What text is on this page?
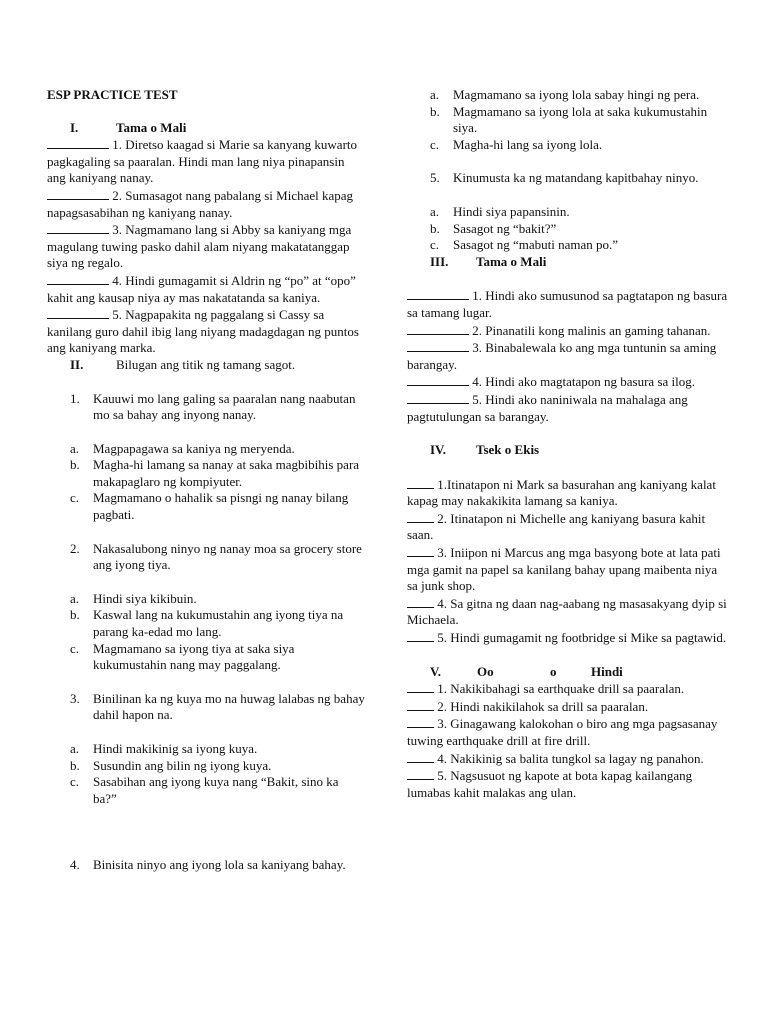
ESP PRACTICE TEST
I.	Tama o Mali

1. Diretso kaagad si Marie sa kanyang kuwarto pagkagaling sa paaralan. Hindi man lang niya pinapansin ang kaniyang nanay.

2. Sumasagot nang pabalang si Michael kapag napagsasabihan ng kaniyang nanay.

3. Nagmamano lang si Abby sa kaniyang mga magulang tuwing pasko dahil alam niyang makatatanggap siya ng regalo.

4. Hindi gumagamit si Aldrin ng “po” at “opo” kahit ang kausap niya ay mas nakatatanda sa kaniya.

5. Nagpapakita ng paggalang si Cassy sa kanilang guro dahil ibig lang niyang madagdagan ng puntos ang kaniyang marka.

II.	Bilugan ang titik ng tamang sagot.
1.	Kauuwi mo lang galing sa paaralan nang naabutan mo sa bahay ang inyong nanay.
a.	Magpapagawa sa kaniya ng meryenda.
b.	Magha-hi lamang sa nanay at saka magbibihis para makapaglaro ng kompiyuter.
c.	Magmamano o hahalik sa pisngi ng nanay bilang pagbati.
2.	Nakasalubong ninyo ng nanay moa sa grocery store ang iyong tiya.
a.	Hindi siya kikibuin.
b.	Kaswal lang na kukumustahin ang iyong tiya na parang ka-edad mo lang.
c.	Magmamano sa iyong tiya at saka siya kukumustahin nang may paggalang.
3.	Binilinan ka ng kuya mo na huwag lalabas ng bahay dahil hapon na.
a.	Hindi makikinig sa iyong kuya.
b.	Susundin ang bilin ng iyong kuya.
c.	Sasabihan ang iyong kuya nang “Bakit, sino ka ba?”
4.	Binisita ninyo ang iyong lola sa kaniyang bahay.
a.	Magmamano sa iyong lola sabay hingi ng pera.
b.	Magmamano sa iyong lola at saka kukumustahin siya.
c.	Magha-hi lang sa iyong lola.
5.	Kinumusta ka ng matandang kapitbahay ninyo.
a.	Hindi siya papansinin.
b.	Sasagot ng “bakit?”
c.	Sasagot ng “mabuti naman po.”
III.	Tama o Mali

1. Hindi ako sumusunod sa pagtatapon ng basura sa tamang lugar.

2. Pinanatili kong malinis an gaming tahanan.

3. Binabalewala ko ang mga tuntunin sa aming barangay.

4. Hindi ako magtatapon ng basura sa ilog.

5. Hindi ako naniniwala na mahalaga ang pagtutulungan sa barangay.

IV.	Tsek o Ekis

1.Itinatapon ni Mark sa basurahan ang kaniyang kalat kapag may nakakikita lamang sa kaniya.

2. Itinatapon ni Michelle ang kaniyang basura kahit saan.

3. Iniipon ni Marcus ang mga basyong bote at lata pati mga gamit na papel sa kanilang bahay upang maibenta niya sa junk shop.

4. Sa gitna ng daan nag-aabang ng masasakyang dyip si Michaela.

5. Hindi gumagamit ng footbridge si Mike sa pagtawid.

V.	Oo	o	Hindi

1. Nakikibahagi sa earthquake drill sa paaralan.

2. Hindi nakikilahok sa drill sa paaralan.

3. Ginagawang kalokohan o biro ang mga pagsasanay tuwing earthquake drill at fire drill.

4. Nakikinig sa balita tungkol sa lagay ng panahon.

5. Nagsusuot ng kapote at bota kapag kailangang lumabas kahit malakas ang ulan.
